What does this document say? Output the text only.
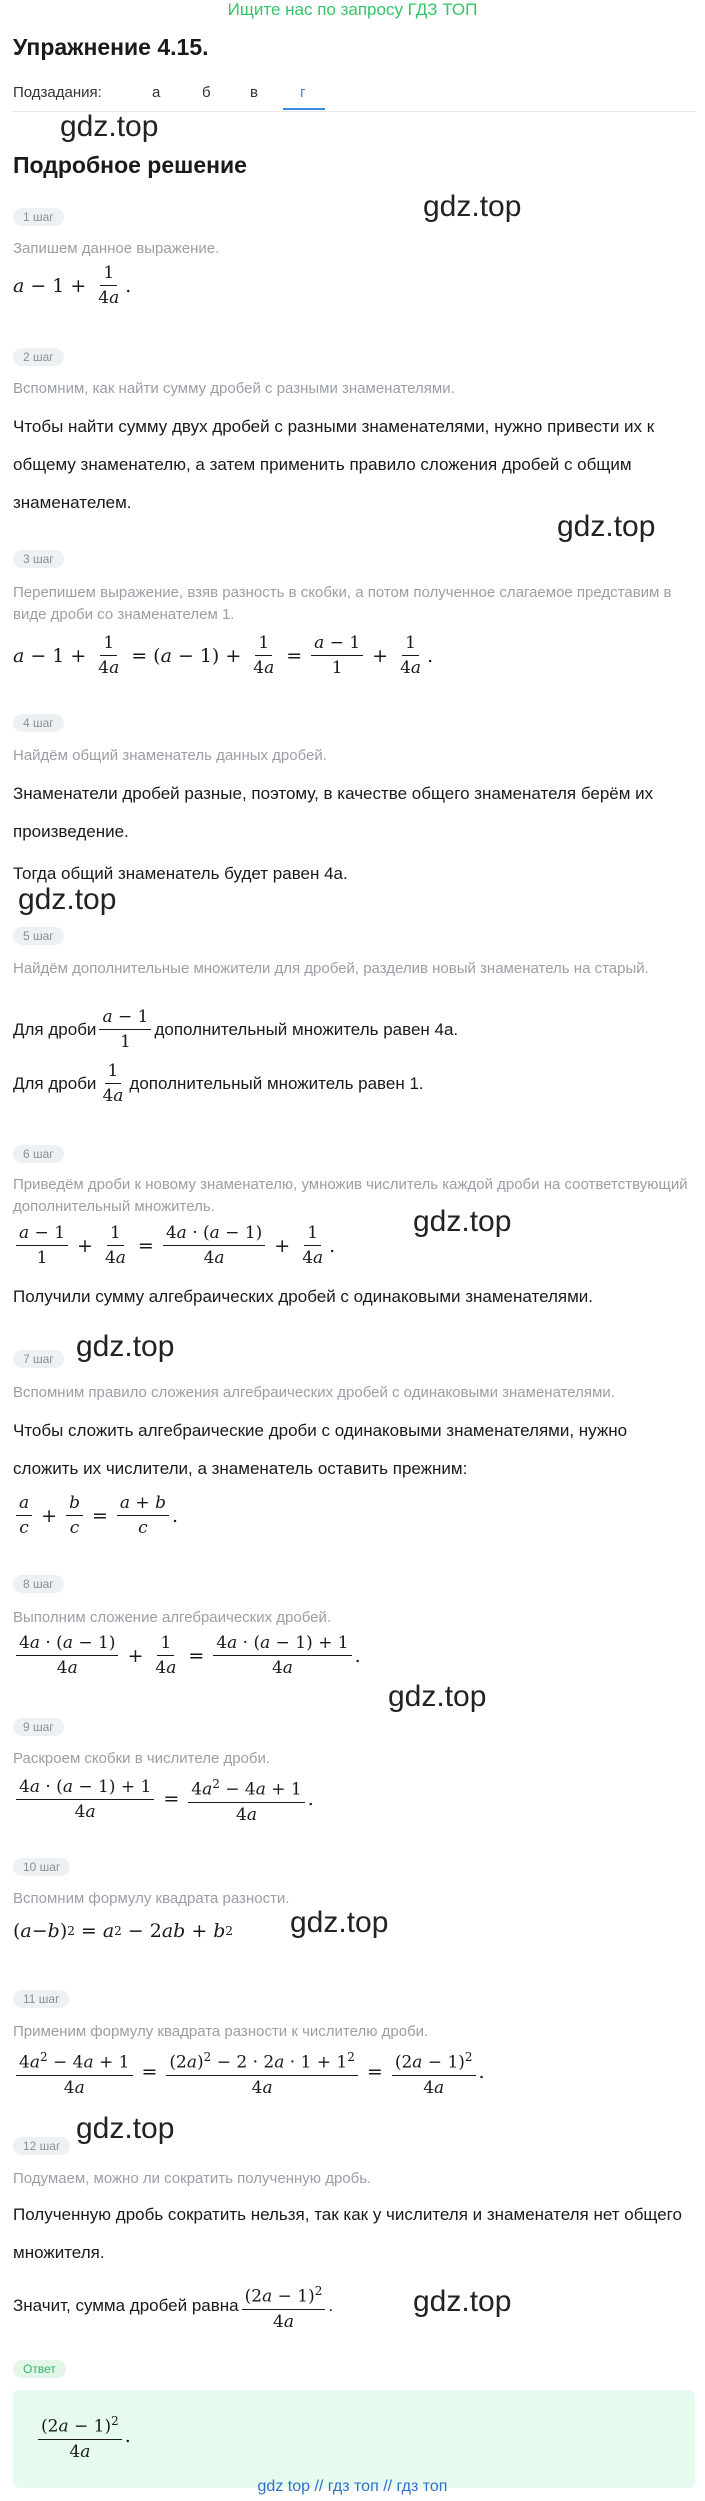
Ищите нас по запросу ГДЗ ТОП
Упражнение 4.15.
Подзадания:	а	б	в	г
gdz.top
Подробное решение
gdz.top
1 шаг
Запишем данное выражение.
$a - 1 + \frac{1}{4a}$ .
2 шаг
Вспомним, как найти сумму дробей с разными знаменателями.
Чтобы найти сумму двух дробей с разными знаменателями, нужно привести их к общему знаменателю, а затем применить правило сложения дробей с общим знаменателем.
gdz.top
3 шаг
Перепишем выражение, взяв разность в скобки, а потом полученное слагаемое представим в виде дроби со знаменателем 1.
$a - 1 + \frac{1}{4a}$ = ( $a - 1) + \frac{1}{4a} = \frac{a - 1}{1} + \frac{1}{4a}$ .
4 шаг
Найдём общий знаменатель данных дробей.
Знаменатели дробей разные, поэтому, в качестве общего знаменателя берём их произведение.
Тогда общий знаменатель будет равен 4a.
gdz.top
5 шаг
Найдём дополнительные множители для дробей, разделив новый знаменатель на старый.
Для дроби $\frac{a - 1}{1}$ дополнительный множитель равен 4a.
Для дроби $\frac{1}{4a}$ дополнительный множитель равен 1.
6 шаг
Приведём дроби к новому знаменателю, умножив числитель каждой дроби на соответствующий дополнительный множитель.
$\frac{a - 1}{1} + \frac{1}{4a} = \frac{4a \cdot (a - 1)}{4a} + \frac{1}{4a}$ .
gdz.top
Получили сумму алгебраических дробей с одинаковыми знаменателями.
gdz.top
7 шаг
Вспомним правило сложения алгебраических дробей с одинаковыми знаменателями.
Чтобы сложить алгебраические дроби с одинаковыми знаменателями, нужно сложить их числители, а знаменатель оставить прежним:
$\frac{a}{c} + \frac{b}{c} = \frac{a + b}{c}$ .
8 шаг
Выполним сложение алгебраических дробей.
$\frac{4a \cdot (a - 1)}{4a} + \frac{1}{4a} = \frac{4a \cdot (a - 1) + 1}{4a}$ .
gdz.top
9 шаг
Раскроем скобки в числителе дроби.
$\frac{4a \cdot (a - 1) + 1}{4a} = \frac{4a^2 - 4a + 1}{4a}$ .
10 шаг
Вспомним формулу квадрата разности.
( a − b ) 2 = a 2 − 2 ab + b 2 gdz.top
11 шаг
Применим формулу квадрата разности к числителю дроби.
$\frac{4a^2 - 4a + 1}{4a} = \frac{(2a)^2 - 2 \cdot 2a \cdot 1 + 1^2}{4a} = \frac{(2a - 1)^2}{4a}$ .
gdz.top
12 шаг
Подумаем, можно ли сократить полученную дробь.
Полученную дробь сократить нельзя, так как у числителя и знаменателя нет общего множителя.
Значит, сумма дробей равна $\frac{(2a - 1)^2}{4a}$ .	gdz.top
Ответ
$\frac{(2a - 1)^2}{4a}$ .
gdz top // гдз топ // гдз топ
